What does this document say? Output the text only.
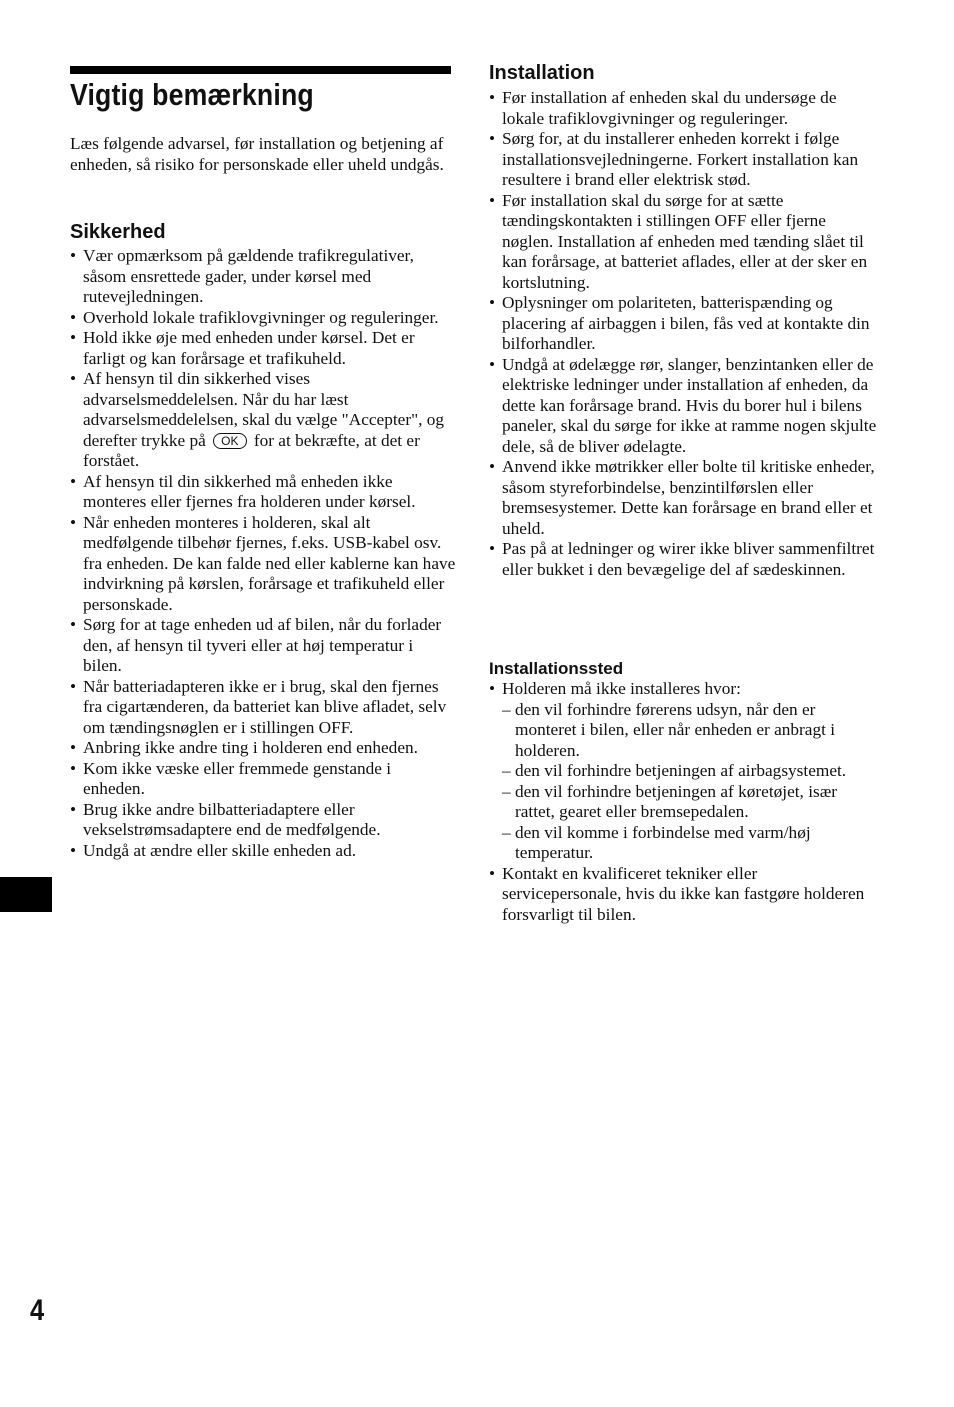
Vigtig bemærkning

Læs følgende advarsel, før installation og betjening af enheden, så risiko for personskade eller uheld undgås.

Sikkerhed
• Vær opmærksom på gældende trafikregulativer, såsom ensrettede gader, under kørsel med rutevejledningen.
• Overhold lokale trafiklovgivninger og reguleringer.
• Hold ikke øje med enheden under kørsel. Det er farligt og kan forårsage et trafikuheld.
• Af hensyn til din sikkerhed vises advarselsmeddelelsen. Når du har læst advarselsmeddelelsen, skal du vælge "Accepter", og derefter trykke på OK for at bekræfte, at det er forstået.
• Af hensyn til din sikkerhed må enheden ikke monteres eller fjernes fra holderen under kørsel.
• Når enheden monteres i holderen, skal alt medfølgende tilbehør fjernes, f.eks. USB-kabel osv. fra enheden. De kan falde ned eller kablerne kan have indvirkning på kørslen, forårsage et trafikuheld eller personskade.
• Sørg for at tage enheden ud af bilen, når du forlader den, af hensyn til tyveri eller at høj temperatur i bilen.
• Når batteriadapteren ikke er i brug, skal den fjernes fra cigartænderen, da batteriet kan blive afladet, selv om tændingsnøglen er i stillingen OFF.
• Anbring ikke andre ting i holderen end enheden.
• Kom ikke væske eller fremmede genstande i enheden.
• Brug ikke andre bilbatteriadaptere eller vekselstrømsadaptere end de medfølgende.
• Undgå at ændre eller skille enheden ad.
Installation
• Før installation af enheden skal du undersøge de lokale trafiklovgivninger og reguleringer.
• Sørg for, at du installerer enheden korrekt i følge installationsvejledningerne. Forkert installation kan resultere i brand eller elektrisk stød.
• Før installation skal du sørge for at sætte tændingskontakten i stillingen OFF eller fjerne nøglen. Installation af enheden med tænding slået til kan forårsage, at batteriet aflades, eller at der sker en kortslutning.
• Oplysninger om polariteten, batterispænding og placering af airbaggen i bilen, fås ved at kontakte din bilforhandler.
• Undgå at ødelægge rør, slanger, benzintanken eller de elektriske ledninger under installation af enheden, da dette kan forårsage brand. Hvis du borer hul i bilens paneler, skal du sørge for ikke at ramme nogen skjulte dele, så de bliver ødelagte.
• Anvend ikke møtrikker eller bolte til kritiske enheder, såsom styreforbindelse, benzintilførslen eller bremsesystemer. Dette kan forårsage en brand eller et uheld.
• Pas på at ledninger og wirer ikke bliver sammenfiltret eller bukket i den bevægelige del af sædeskinnen.
Installationssted
• Holderen må ikke installeres hvor:
– den vil forhindre førerens udsyn, når den er monteret i bilen, eller når enheden er anbragt i holderen.
– den vil forhindre betjeningen af airbagsystemet.
– den vil forhindre betjeningen af køretøjet, især rattet, gearet eller bremsepedalen.
– den vil komme i forbindelse med varm/høj temperatur.
• Kontakt en kvalificeret tekniker eller servicepersonale, hvis du ikke kan fastgøre holderen forsvarligt til bilen.
4
